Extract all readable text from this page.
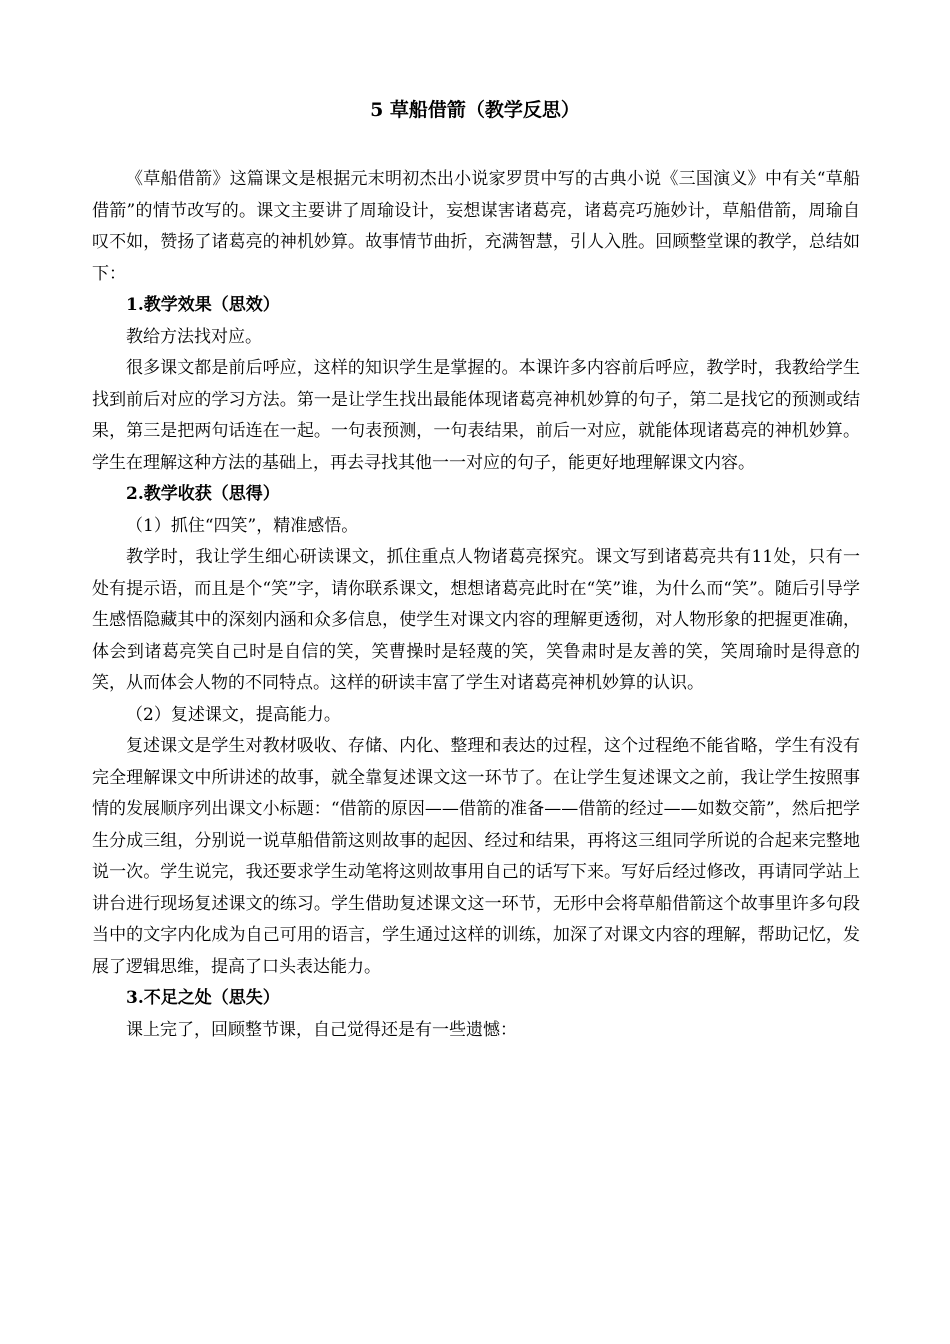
5 草船借箭（教学反思）

《草船借箭》这篇课文是根据元末明初杰出小说家罗贯中写的古典小说《三国演义》中有关“草船借箭”的情节改写的。课文主要讲了周瑜设计，妄想谋害诸葛亮，诸葛亮巧施妙计，草船借箭，周瑜自叹不如，赞扬了诸葛亮的神机妙算。故事情节曲折，充满智慧，引人入胜。回顾整堂课的教学，总结如下：

1.教学效果（思效）

教给方法找对应。

很多课文都是前后呼应，这样的知识学生是掌握的。本课许多内容前后呼应，教学时，我教给学生找到前后对应的学习方法。第一是让学生找出最能体现诸葛亮神机妙算的句子，第二是找它的预测或结果，第三是把两句话连在一起。一句表预测，一句表结果，前后一对应，就能体现诸葛亮的神机妙算。学生在理解这种方法的基础上，再去寻找其他一一对应的句子，能更好地理解课文内容。

2.教学收获（思得）

（1）抓住“四笑”，精准感悟。

教学时，我让学生细心研读课文，抓住重点人物诸葛亮探究。课文写到诸葛亮共有11处，只有一处有提示语，而且是个“笑”字，请你联系课文，想想诸葛亮此时在“笑”谁，为什么而“笑”。随后引导学生感悟隐藏其中的深刻内涵和众多信息，使学生对课文内容的理解更透彻，对人物形象的把握更准确，体会到诸葛亮笑自己时是自信的笑，笑曹操时是轻蔑的笑，笑鲁肃时是友善的笑，笑周瑜时是得意的笑，从而体会人物的不同特点。这样的研读丰富了学生对诸葛亮神机妙算的认识。

（2）复述课文，提高能力。

复述课文是学生对教材吸收、存储、内化、整理和表达的过程，这个过程绝不能省略，学生有没有完全理解课文中所讲述的故事，就全靠复述课文这一环节了。在让学生复述课文之前，我让学生按照事情的发展顺序列出课文小标题：“借箭的原因——借箭的准备——借箭的经过——如数交箭”，然后把学生分成三组，分别说一说草船借箭这则故事的起因、经过和结果，再将这三组同学所说的合起来完整地说一次。学生说完，我还要求学生动笔将这则故事用自己的话写下来。写好后经过修改，再请同学站上讲台进行现场复述课文的练习。学生借助复述课文这一环节，无形中会将草船借箭这个故事里许多句段当中的文字内化成为自己可用的语言，学生通过这样的训练，加深了对课文内容的理解，帮助记忆，发展了逻辑思维，提高了口头表达能力。

3.不足之处（思失）

课上完了，回顾整节课，自己觉得还是有一些遗憾：
